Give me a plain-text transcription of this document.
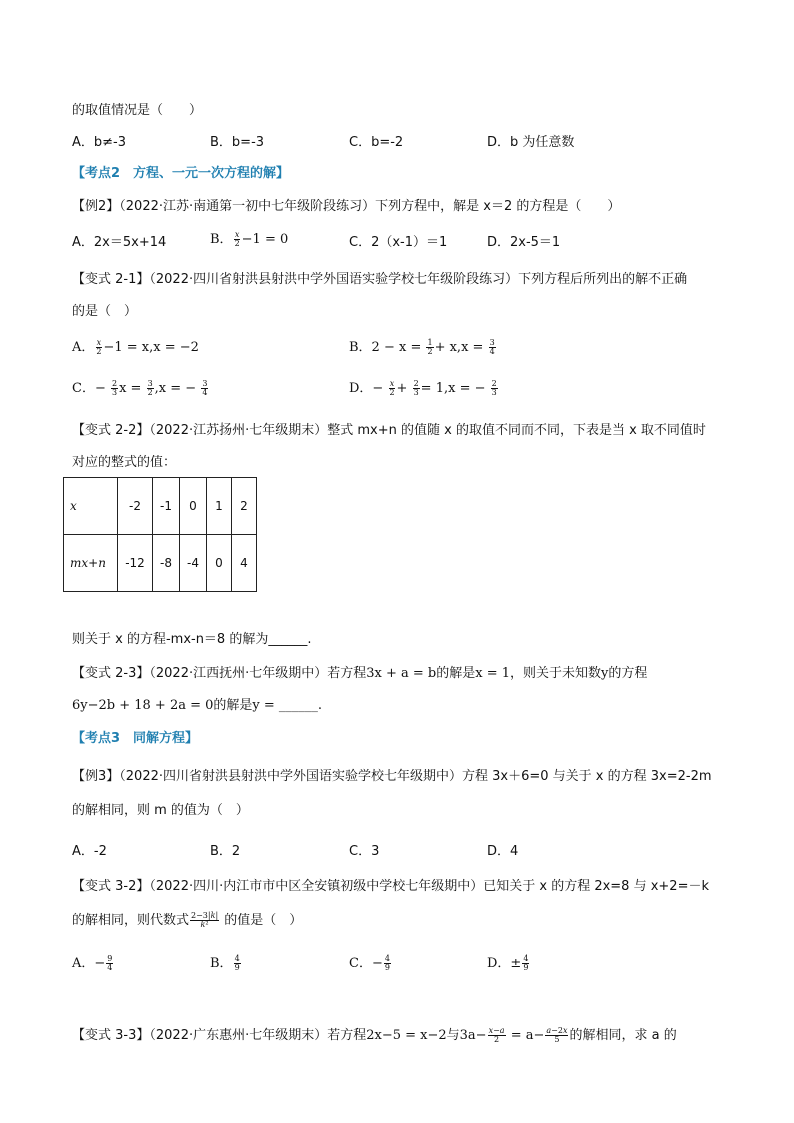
的取值情况是（　　）
A．b≠-3	B．b=-3	C．b=-2	D．b 为任意数
【考点2　方程、一元一次方程的解】
【例2】（2022·江苏·南通第一初中七年级阶段练习）下列方程中，解是 x＝2 的方程是（　　）
A．2x＝5x+14	B． $\frac{x}{2} -1 = 0$	C．2（x-1）＝1	D．2x-5＝1
【变式 2-1】（2022·四川省射洪县射洪中学外国语实验学校七年级阶段练习）下列方程后所列出的解不正确
的是（　）
A． $\frac{x}{2} -1 = x,x = -2$	B．$2 - x = \frac{1}{2} + x,x = \frac{3}{4}$
C．− $\frac{2}{3}$ $x = \frac{3}{2} ,x$ = − $\frac{3}{4}$	D．− $\frac{x}{2} + \frac{2}{3} = 1,x$ = − $\frac{2}{3}$
【变式 2-2】（2022·江苏扬州·七年级期末）整式 mx+n 的值随 x 的取值不同而不同，下表是当 x 取不同值时
对应的整式的值：
x	-2	-1	0	1	2
mx+n	-12	-8	-4	0	4
则关于 x 的方程-mx-n＝8 的解为______.
【变式 2-3】（2022·江西抚州·七年级期中）若方程3x + a = b的解是x = 1，则关于未知数y的方程
6y−2b + 18 + 2a = 0的解是y = ______.
【考点3　同解方程】
【例3】（2022·四川省射洪县射洪中学外国语实验学校七年级期中）方程 3x＋6=0 与关于 x 的方程 3x=2-2m
的解相同，则 m 的值为（　）
A．-2	B．2	C．3	D．4
【变式 3-2】（2022·四川·内江市市中区全安镇初级中学校七年级期中）已知关于 x 的方程 2x=8 与 x+2=－k
的解相同，则代数式 $\frac{2-3|k|}{\text{k²}}$ 的值是（　）
A．− $\frac{9}{4}$	B． $\frac{4}{9}$	C．− $\frac{4}{9}$	D．± $\frac{4}{9}$
【变式 3-3】（2022·广东惠州·七年级期末）若方程2x−5 = x−2与$3a- \frac{x-a}{2} = a- \frac{a-2x}{5}$ 的解相同，求 a 的
